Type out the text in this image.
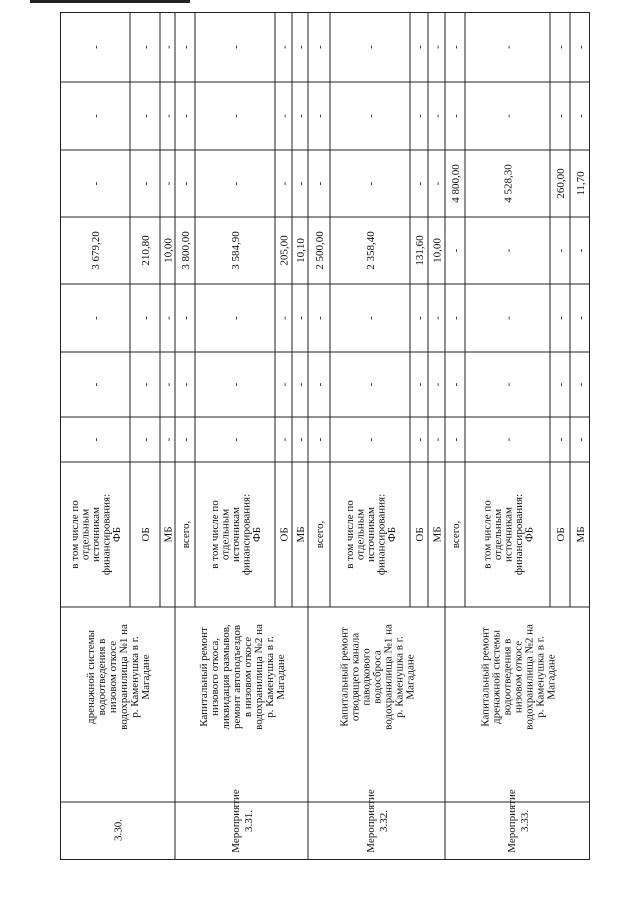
3.30.
дренажной системыводоотведения внизовом откосеводохранилища №1 нар. Каменушка в г.Магадане
в том числе поотдельнымисточникамфинансирования:ФБ
-
-
-
3 679,20
-
-
-
ОБ
-
-
-
210,80
-
-
-
МБ
-
-
-
10,00
-
-
-
Мероприятие3.31.
Капитальный ремонтнизового откоса,ликвидация размывов,ремонт автоподъездовв низовом откосеводохранилища №2 нар. Каменушка в г.Магадане
всего,
-
-
-
3 800,00
-
-
-
в том числе поотдельнымисточникамфинансирования:ФБ
-
-
-
3 584,90
-
-
-
ОБ
-
-
-
205,00
-
-
-
МБ
-
-
-
10,10
-
-
-
Мероприятие3.32.
Капитальный ремонтотводящего каналапаводковоговодосбросаводохранилища №1 нар. Каменушка в г.Магадане
всего,
-
-
-
2 500,00
-
-
-
в том числе поотдельнымисточникамфинансирования:ФБ
-
-
-
2 358,40
-
-
-
ОБ
-
-
-
131,60
-
-
-
МБ
-
-
-
10,00
-
-
-
Мероприятие3.33.
Капитальный ремонтдренажной системыводоотведения внизовом откосеводохранилища №2 нар. Каменушка в г.Магадане
всего,
-
-
4 800,00
-
-
-
-
в том числе поотдельнымисточникамфинансирования:ФБ
-
-
4 528,30
-
-
-
-
ОБ
-
-
260,00
-
-
-
-
МБ
-
-
11,70
-
-
-
-
